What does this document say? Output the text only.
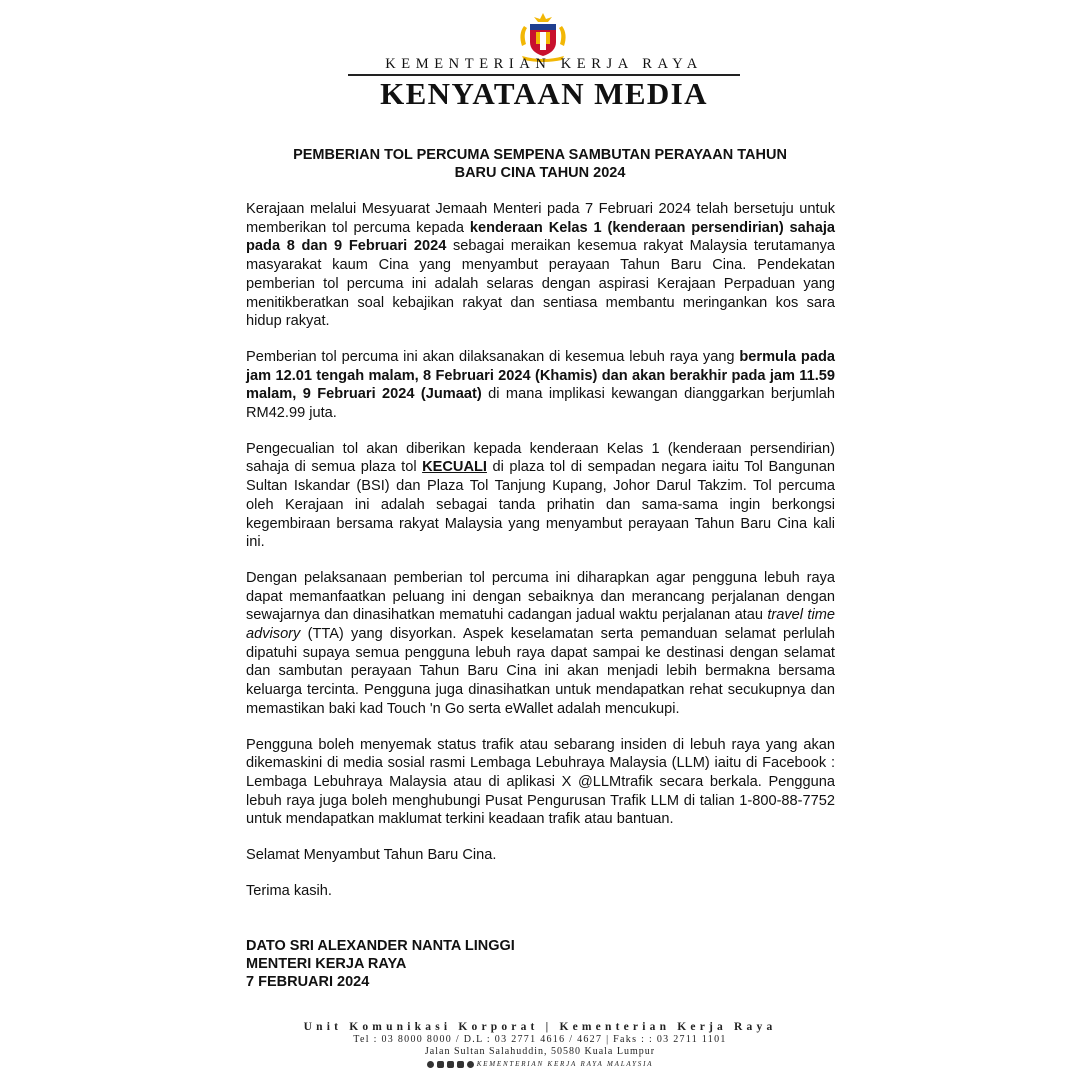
KEMENTERIAN KERJA RAYA
KENYATAAN MEDIA
PEMBERIAN TOL PERCUMA SEMPENA SAMBUTAN PERAYAAN TAHUN
BARU CINA TAHUN 2024

Kerajaan melalui Mesyuarat Jemaah Menteri pada 7 Februari 2024 telah bersetuju untuk memberikan tol percuma kepada kenderaan Kelas 1 (kenderaan persendirian) sahaja pada 8 dan 9 Februari 2024 sebagai meraikan kesemua rakyat Malaysia terutamanya masyarakat kaum Cina yang menyambut perayaan Tahun Baru Cina. Pendekatan pemberian tol percuma ini adalah selaras dengan aspirasi Kerajaan Perpaduan yang menitikberatkan soal kebajikan rakyat dan sentiasa membantu meringankan kos sara hidup rakyat.

Pemberian tol percuma ini akan dilaksanakan di kesemua lebuh raya yang bermula pada jam 12.01 tengah malam, 8 Februari 2024 (Khamis) dan akan berakhir pada jam 11.59 malam, 9 Februari 2024 (Jumaat) di mana implikasi kewangan dianggarkan berjumlah RM42.99 juta.

Pengecualian tol akan diberikan kepada kenderaan Kelas 1 (kenderaan persendirian) sahaja di semua plaza tol KECUALI di plaza tol di sempadan negara iaitu Tol Bangunan Sultan Iskandar (BSI) dan Plaza Tol Tanjung Kupang, Johor Darul Takzim. Tol percuma oleh Kerajaan ini adalah sebagai tanda prihatin dan sama-sama ingin berkongsi kegembiraan bersama rakyat Malaysia yang menyambut perayaan Tahun Baru Cina kali ini.

Dengan pelaksanaan pemberian tol percuma ini diharapkan agar pengguna lebuh raya dapat memanfaatkan peluang ini dengan sebaiknya dan merancang perjalanan dengan sewajarnya dan dinasihatkan mematuhi cadangan jadual waktu perjalanan atau travel time advisory (TTA) yang disyorkan. Aspek keselamatan serta pemanduan selamat perlulah dipatuhi supaya semua pengguna lebuh raya dapat sampai ke destinasi dengan selamat dan sambutan perayaan Tahun Baru Cina ini akan menjadi lebih bermakna bersama keluarga tercinta. Pengguna juga dinasihatkan untuk mendapatkan rehat secukupnya dan memastikan baki kad Touch 'n Go serta eWallet adalah mencukupi.

Pengguna boleh menyemak status trafik atau sebarang insiden di lebuh raya yang akan dikemaskini di media sosial rasmi Lembaga Lebuhraya Malaysia (LLM) iaitu di Facebook : Lembaga Lebuhraya Malaysia atau di aplikasi X @LLMtrafik secara berkala. Pengguna lebuh raya juga boleh menghubungi Pusat Pengurusan Trafik LLM di talian 1-800-88-7752 untuk mendapatkan maklumat terkini keadaan trafik atau bantuan.

Selamat Menyambut Tahun Baru Cina.

Terima kasih.

DATO SRI ALEXANDER NANTA LINGGI
MENTERI KERJA RAYA
7 FEBRUARI 2024
Unit Komunikasi Korporat | Kementerian Kerja Raya
Tel : 03 8000 8000 / D.L : 03 2771 4616 / 4627 | Faks : : 03 2711 1101
Jalan Sultan Salahuddin, 50580 Kuala Lumpur
KEMENTERIAN KERJA RAYA MALAYSIA
